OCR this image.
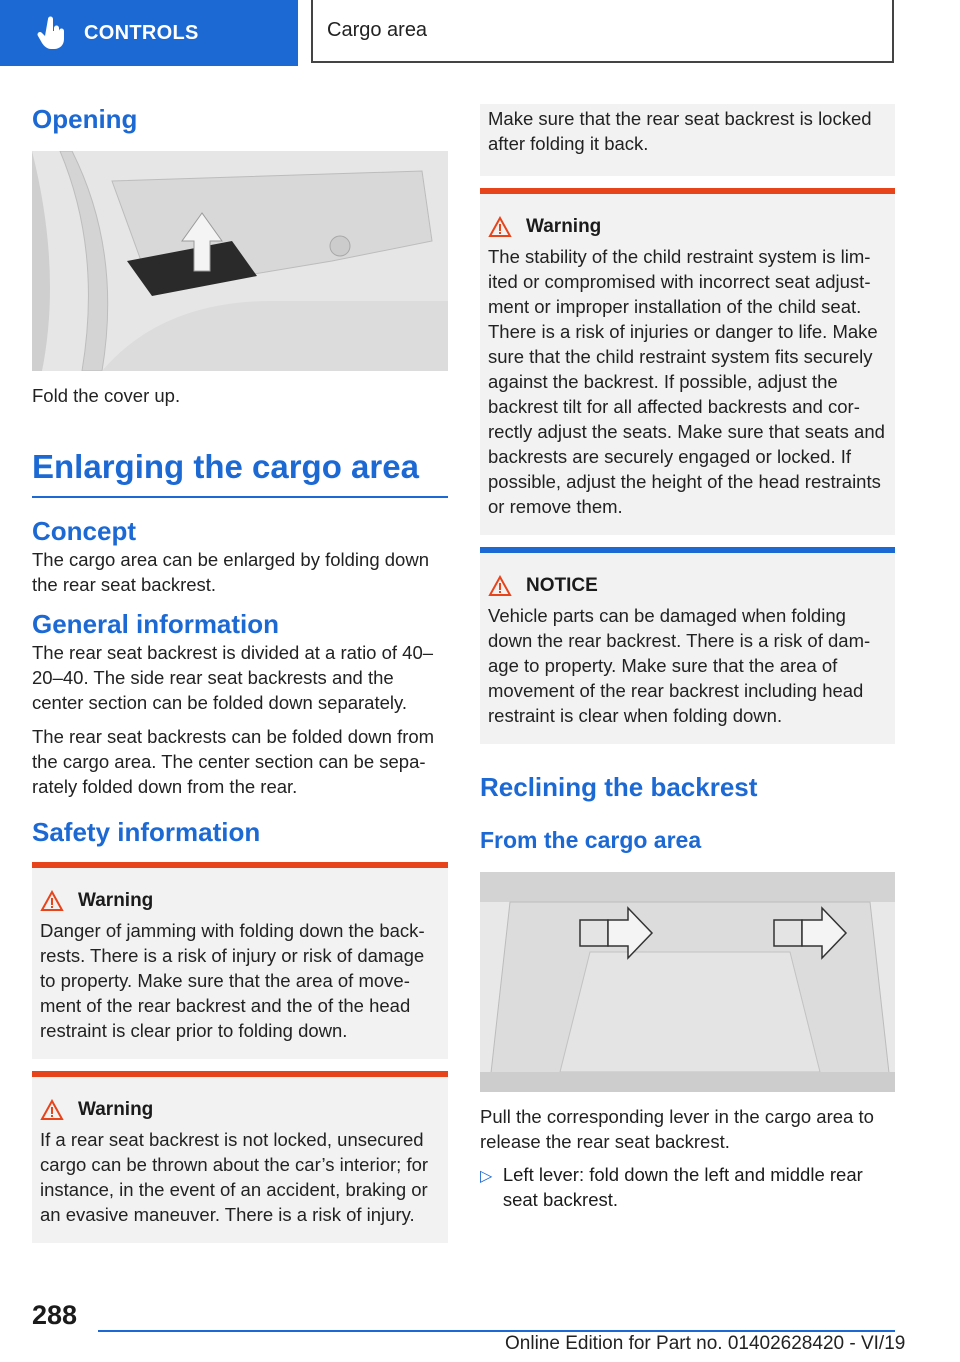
CONTROLS	Cargo area
Opening

Fold the cover up.

Enlarging the cargo area
Concept

The cargo area can be enlarged by folding down the rear seat backrest.

General information

The rear seat backrest is divided at a ratio of 40–20–40. The side rear seat backrests and the center section can be folded down separately.

The rear seat backrests can be folded down from the cargo area. The center section can be separately folded down from the rear.

Safety information
Warning

Danger of jamming with folding down the backrests. There is a risk of injury or risk of damage to property. Make sure that the area of movement of the rear backrest and the of the head restraint is clear prior to folding down.

Warning

If a rear seat backrest is not locked, unsecured cargo can be thrown about the car’s interior; for instance, in the event of an accident, braking or an evasive maneuver. There is a risk of injury.

Make sure that the rear seat backrest is locked after folding it back.

Warning

The stability of the child restraint system is limited or compromised with incorrect seat adjustment or improper installation of the child seat. There is a risk of injuries or danger to life. Make sure that the child restraint system fits securely against the backrest. If possible, adjust the backrest tilt for all affected backrests and correctly adjust the seats. Make sure that seats and backrests are securely engaged or locked. If possible, adjust the height of the head restraints or remove them.

NOTICE

Vehicle parts can be damaged when folding down the rear backrest. There is a risk of damage to property. Make sure that the area of movement of the rear backrest including head restraint is clear when folding down.

Reclining the backrest
From the cargo area

Pull the corresponding lever in the cargo area to release the rear seat backrest.

▷ Left lever: fold down the left and middle rear seat backrest.
288
Online Edition for Part no. 01402628420 - VI/19
